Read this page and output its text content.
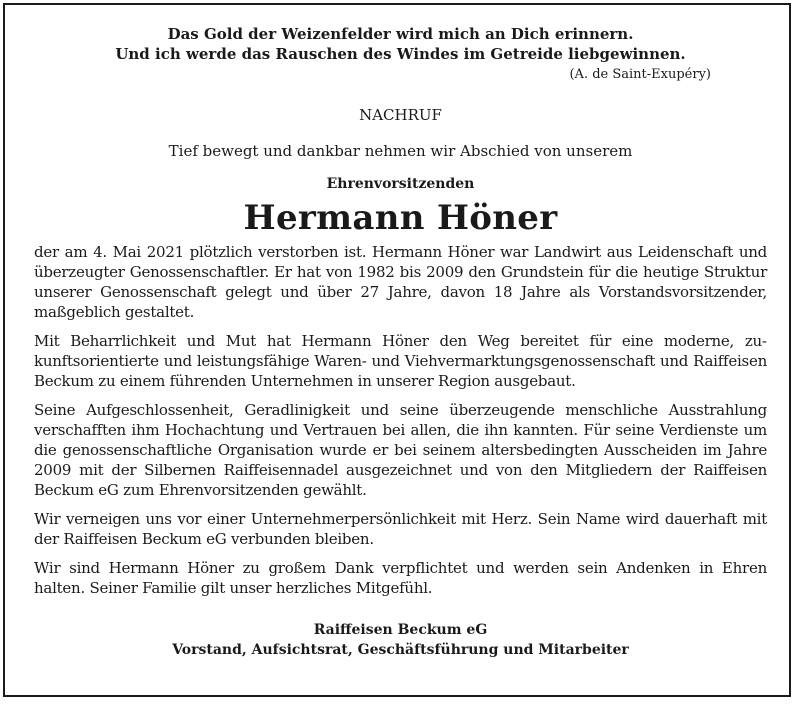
Das Gold der Weizenfelder wird mich an Dich erinnern.

Und ich werde das Rauschen des Windes im Getreide liebgewinnen.

(A. de Saint-Exupéry)

NACHRUF

Tief bewegt und dankbar nehmen wir Abschied von unserem

Ehrenvorsitzenden

Hermann Höner

der am 4. Mai 2021 plötzlich verstorben ist. Hermann Höner war Landwirt aus Leidenschaft und überzeugter Genossenschaftler. Er hat von 1982 bis 2009 den Grundstein für die heutige Struktur unserer Genossenschaft gelegt und über 27 Jahre, davon 18 Jahre als Vorstandsvorsitzender, maßgeblich gestaltet.

Mit Beharrlichkeit und Mut hat Hermann Höner den Weg bereitet für eine moderne, zukunftsorientierte und leistungsfähige Waren- und Viehvermarktungsgenossenschaft und Raiffeisen Beckum zu einem führenden Unternehmen in unserer Region ausgebaut.

Seine Aufgeschlossenheit, Geradlinigkeit und seine überzeugende menschliche Ausstrahlung verschafften ihm Hochachtung und Vertrauen bei allen, die ihn kannten. Für seine Verdienste um die genossenschaftliche Organisation wurde er bei seinem altersbedingten Ausscheiden im Jahre 2009 mit der Silbernen Raiffeisennadel ausgezeichnet und von den Mitgliedern der Raiffeisen Beckum eG zum Ehrenvorsitzenden gewählt.

Wir verneigen uns vor einer Unternehmerpersönlichkeit mit Herz. Sein Name wird dauerhaft mit der Raiffeisen Beckum eG verbunden bleiben.

Wir sind Hermann Höner zu großem Dank verpflichtet und werden sein Andenken in Ehren halten. Seiner Familie gilt unser herzliches Mitgefühl.

Raiffeisen Beckum eG

Vorstand, Aufsichtsrat, Geschäftsführung und Mitarbeiter
